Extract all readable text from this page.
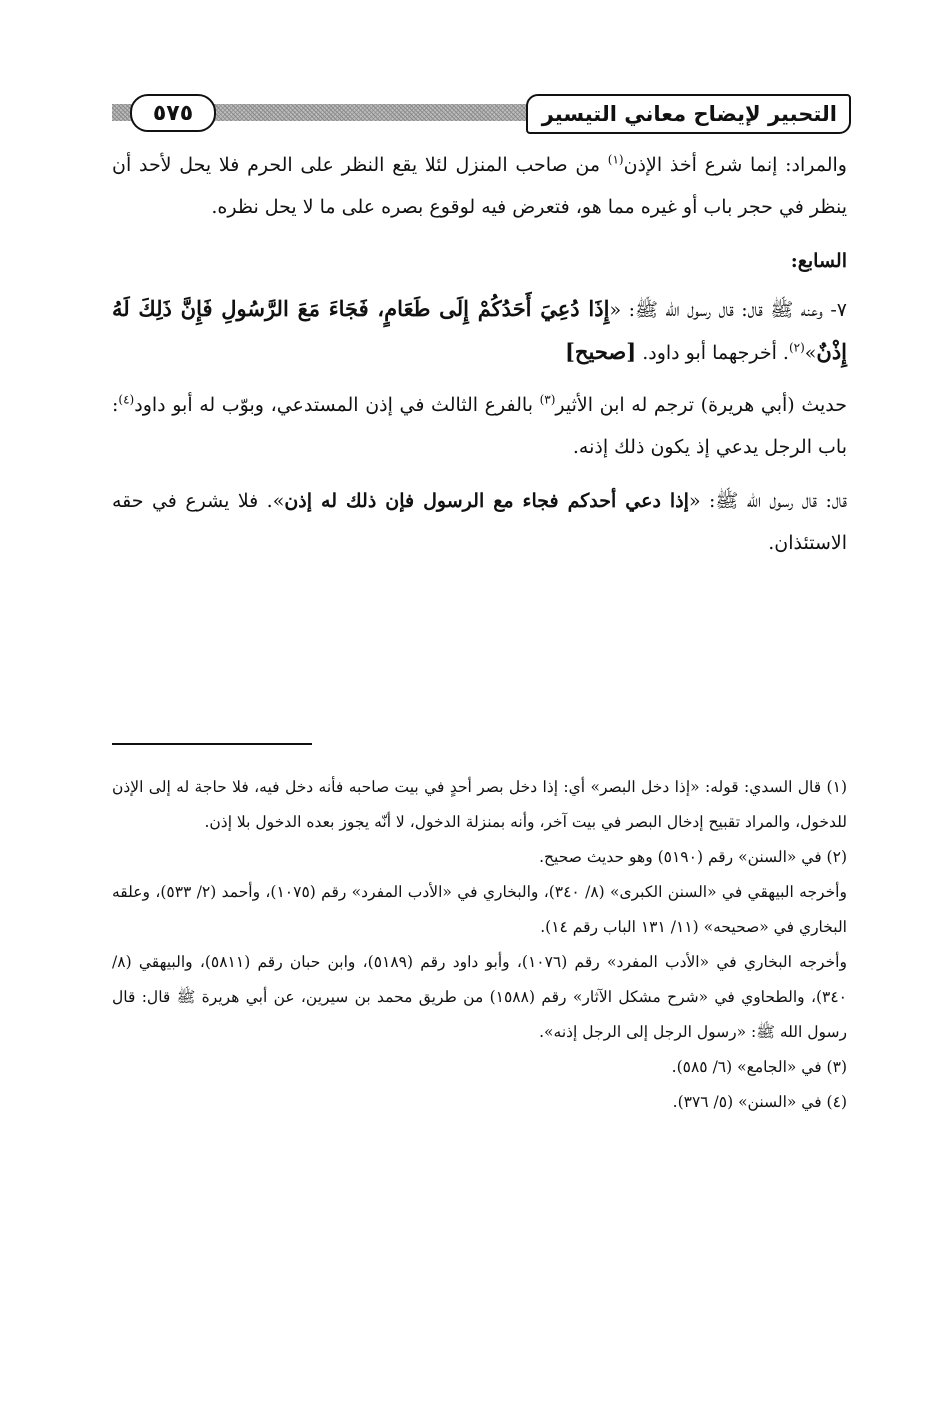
التحبير لإيضاح معاني التيسير
٥٧٥

والمراد: إنما شرع أخذ الإذن$^{(١)}$ من صاحب المنزل لئلا يقع النظر على الحرم فلا يحل لأحد أن ينظر في حجر باب أو غيره مما هو، فتعرض فيه لوقوع بصره على ما لا يحل نظره.

السابع:

٧- وعنه ﷺ قال: قال رسول الله ﷺ: «إِذَا دُعِيَ أَحَدُكُمْ إِلَى طَعَامٍ، فَجَاءَ مَعَ الرَّسُولِ فَإِنَّ ذَلِكَ لَهُ إِذْنٌ»$^{(٢)}$. أخرجهما أبو داود. [صحيح]

حديث (أبي هريرة) ترجم له ابن الأثير$^{(٣)}$ بالفرع الثالث في إذن المستدعي، وبوّب له أبو داود$^{(٤)}$: باب الرجل يدعي إذ يكون ذلك إذنه.

قال: قال رسول الله ﷺ: «إذا دعي أحدكم فجاء مع الرسول فإن ذلك له إذن». فلا يشرع في حقه الاستئذان.

(١) قال السدي: قوله: «إذا دخل البصر» أي: إذا دخل بصر أحدٍ في بيت صاحبه فأنه دخل فيه، فلا حاجة له إلى الإذن للدخول، والمراد تقبيح إدخال البصر في بيت آخر، وأنه بمنزلة الدخول، لا أنّه يجوز بعده الدخول بلا إذن.

(٢) في «السنن» رقم (٥١٩٠) وهو حديث صحيح.

وأخرجه البيهقي في «السنن الكبرى» (٨/ ٣٤٠)، والبخاري في «الأدب المفرد» رقم (١٠٧٥)، وأحمد (٢/ ٥٣٣)، وعلقه البخاري في «صحيحه» (١١/ ١٣١ الباب رقم ١٤).

وأخرجه البخاري في «الأدب المفرد» رقم (١٠٧٦)، وأبو داود رقم (٥١٨٩)، وابن حبان رقم (٥٨١١)، والبيهقي (٨/ ٣٤٠)، والطحاوي في «شرح مشكل الآثار» رقم (١٥٨٨) من طريق محمد بن سيرين، عن أبي هريرة ﷺ قال: قال رسول الله ﷺ: «رسول الرجل إلى الرجل إذنه».

(٣) في «الجامع» (٦/ ٥٨٥).

(٤) في «السنن» (٥/ ٣٧٦).
